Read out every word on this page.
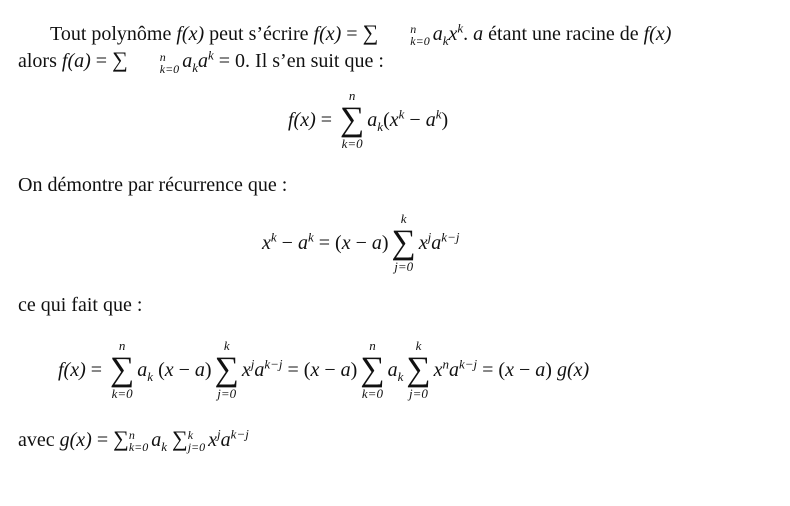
Tout polynôme f(x) peut s’écrire f(x) = ∑	n
k=0 $a_kx^k$. a étant une racine de f(x)
alors f(a) = ∑	n
k=0 $a_ka^k = 0$. Il s’en suit que :

f(x) =
n
∑
k=0
$a_k(x^k - a^k)$

On démontre par récurrence que :

$x^k - a^k$ = ( x − a )
k
∑
j=0
$x^ja^{k-j}$

ce qui fait que :

f(x) =
n
∑
k=0
$a_k$ (x − a)
k
∑
j=0
$x^ja^{k-j}$ = ( x − a )
n
∑
k=0
$a_k$
k
∑
j=0
$x^na^{k-j}$ = ( x − a )
g(x)

avec g(x) = ∑ n
k=0 $a_k$ ∑ k
j=0 $x^ja^{k-j}$
